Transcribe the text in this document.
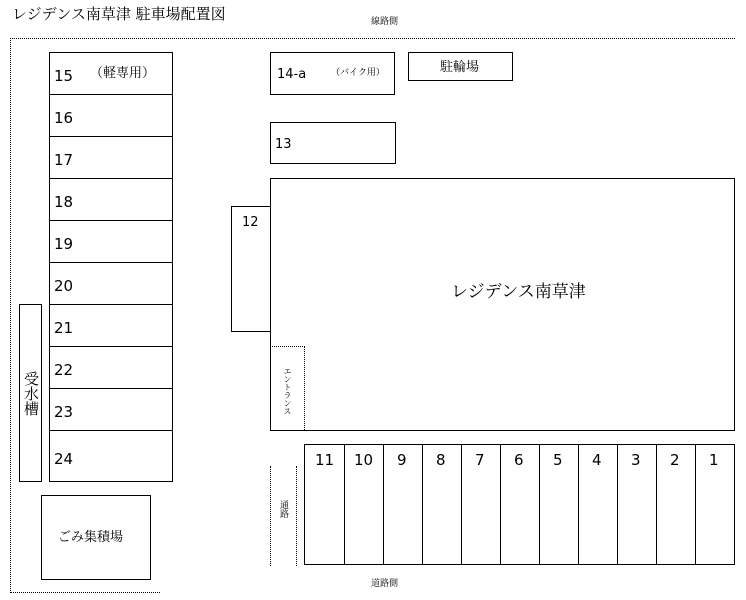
レジデンス南草津 駐車場配置図	線路側
15 （軽専用）
16
17
18
19
20
21
22
23
24
受水槽
ごみ集積場
14-a	（バイク用）	駐輪場
13
12
レジデンス南草津
エントランス
通路
11 10 9 8 7 6 5 4 3 2 1
道路側
